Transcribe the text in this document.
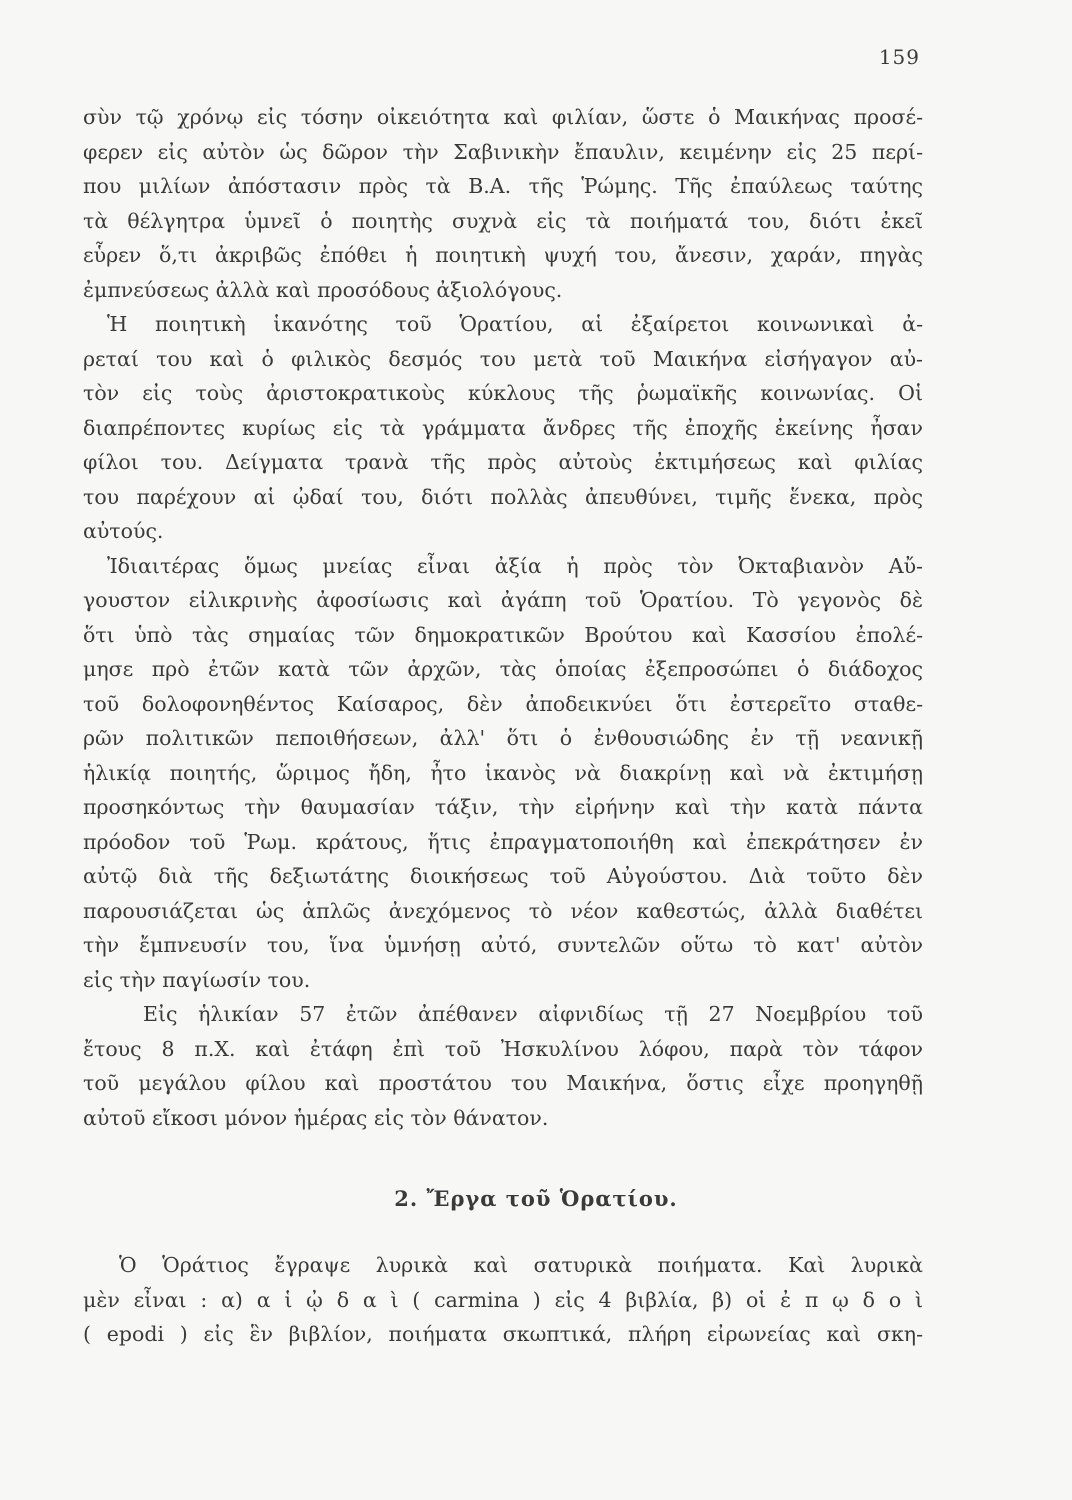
159
σὺν τῷ χρόνῳ εἰς τόσην οἰκειότητα καὶ φιλίαν, ὥστε ὁ Μαικήνας προσέ-
φερεν εἰς αὐτὸν ὡς δῶρον τὴν Σαβινικὴν ἔπαυλιν, κειμένην εἰς 25 περί-
που μιλίων ἀπόστασιν πρὸς τὰ Β.Α. τῆς Ῥώμης. Τῆς ἐπαύλεως ταύτης
τὰ θέλγητρα ὑμνεῖ ὁ ποιητὴς συχνὰ εἰς τὰ ποιήματά του, διότι ἐκεῖ
εὗρεν ὅ,τι ἀκριβῶς ἐπόθει ἡ ποιητικὴ ψυχή του, ἄνεσιν, χαράν, πηγὰς
ἐμπνεύσεως ἀλλὰ καὶ προσόδους ἀξιολόγους.
Ἡ ποιητικὴ ἱκανότης τοῦ Ὁρατίου, αἱ ἐξαίρετοι κοινωνικαὶ ἀ-
ρεταί του καὶ ὁ φιλικὸς δεσμός του μετὰ τοῦ Μαικήνα εἰσήγαγον αὐ-
τὸν εἰς τοὺς ἀριστοκρατικοὺς κύκλους τῆς ῥωμαϊκῆς κοινωνίας. Οἱ
διαπρέποντες κυρίως εἰς τὰ γράμματα ἄνδρες τῆς ἐποχῆς ἐκείνης ἦσαν
φίλοι του. Δείγματα τρανὰ τῆς πρὸς αὐτοὺς ἐκτιμήσεως καὶ φιλίας
του παρέχουν αἱ ᾠδαί του, διότι πολλὰς ἀπευθύνει, τιμῆς ἕνεκα, πρὸς
αὐτούς.
Ἰδιαιτέρας ὅμως μνείας εἶναι ἀξία ἡ πρὸς τὸν Ὀκταβιανὸν Αὔ-
γουστον εἰλικρινὴς ἀφοσίωσις καὶ ἀγάπη τοῦ Ὁρατίου. Τὸ γεγονὸς δὲ
ὅτι ὑπὸ τὰς σημαίας τῶν δημοκρατικῶν Βρούτου καὶ Κασσίου ἐπολέ-
μησε πρὸ ἐτῶν κατὰ τῶν ἀρχῶν, τὰς ὁποίας ἐξεπροσώπει ὁ διάδοχος
τοῦ δολοφονηθέντος Καίσαρος, δὲν ἀποδεικνύει ὅτι ἐστερεῖτο σταθε-
ρῶν πολιτικῶν πεποιθήσεων, ἀλλ' ὅτι ὁ ἐνθουσιώδης ἐν τῇ νεανικῇ
ἡλικίᾳ ποιητής, ὥριμος ἤδη, ἦτο ἱκανὸς νὰ διακρίνῃ καὶ νὰ ἐκτιμήσῃ
προσηκόντως τὴν θαυμασίαν τάξιν, τὴν εἰρήνην καὶ τὴν κατὰ πάντα
πρόοδον τοῦ Ῥωμ. κράτους, ἥτις ἐπραγματοποιήθη καὶ ἐπεκράτησεν ἐν
αὐτῷ διὰ τῆς δεξιωτάτης διοικήσεως τοῦ Αὐγούστου. Διὰ τοῦτο δὲν
παρουσιάζεται ὡς ἁπλῶς ἀνεχόμενος τὸ νέον καθεστώς, ἀλλὰ διαθέτει
τὴν ἔμπνευσίν του, ἵνα ὑμνήσῃ αὐτό, συντελῶν οὕτω τὸ κατ' αὐτὸν
εἰς τὴν παγίωσίν του.
Εἰς ἡλικίαν 57 ἐτῶν ἀπέθανεν αἰφνιδίως τῇ 27 Νοεμβρίου τοῦ
ἔτους 8 π.Χ. καὶ ἐτάφη ἐπὶ τοῦ Ἠσκυλίνου λόφου, παρὰ τὸν τάφον
τοῦ μεγάλου φίλου καὶ προστάτου του Μαικήνα, ὅστις εἶχε προηγηθῇ
αὐτοῦ εἴκοσι μόνον ἡμέρας εἰς τὸν θάνατον.
2. Ἔργα τοῦ Ὁρατίου.
Ὁ Ὁράτιος ἔγραψε λυρικὰ καὶ σατυρικὰ ποιήματα. Καὶ λυρικὰ
μὲν εἶναι : α) α ἱ ᾠ δ α ὶ ( carmina ) εἰς 4 βιβλία, β) οἱ ἐ π ῳ δ ο ὶ
( epodi ) εἰς ἓν βιβλίον, ποιήματα σκωπτικά, πλήρη εἰρωνείας καὶ σκη-
